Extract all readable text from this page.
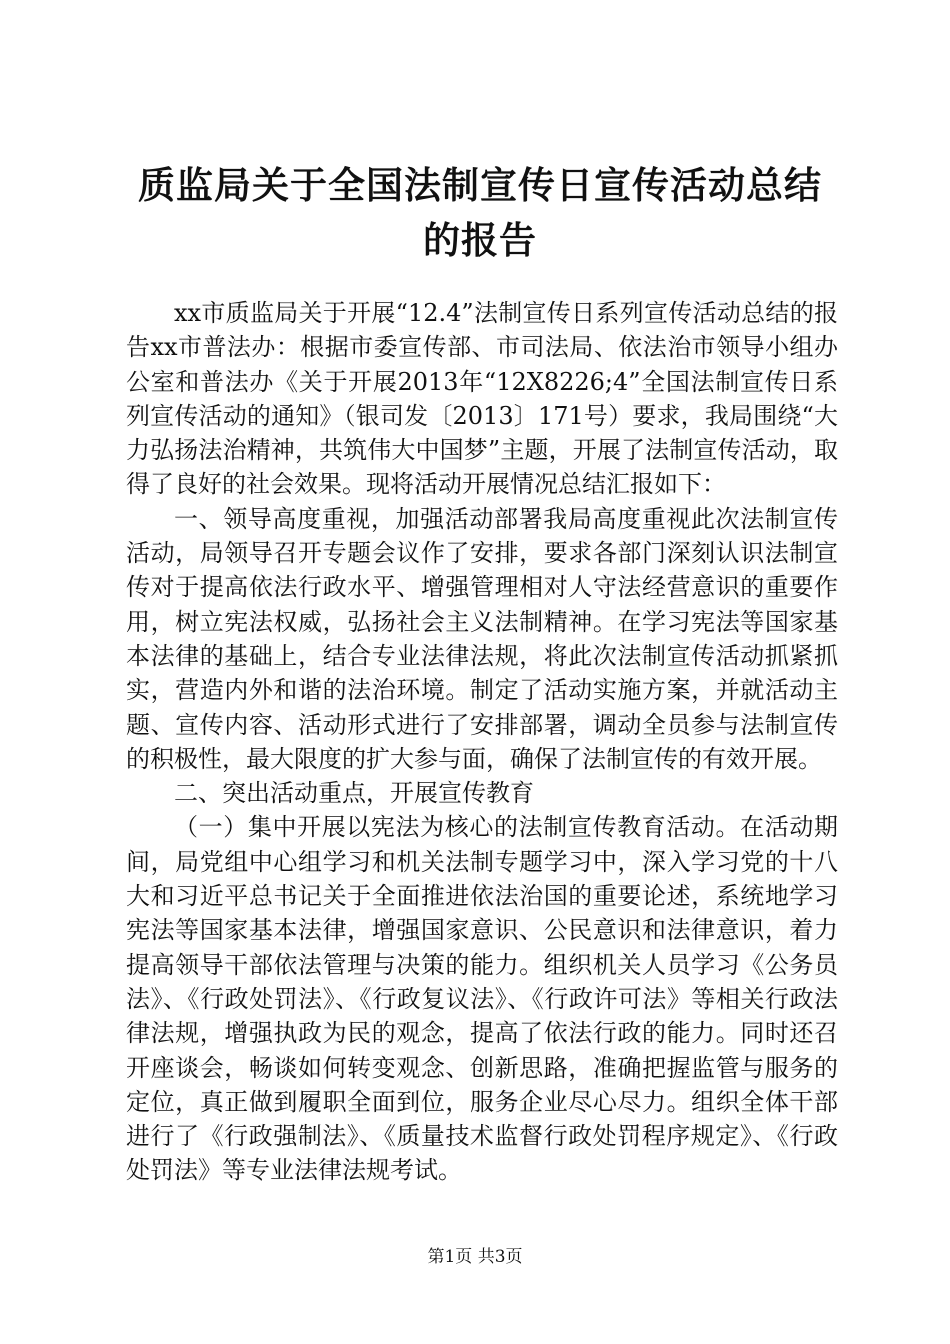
质监局关于全国法制宣传日宣传活动总结的报告

xx市质监局关于开展“12.4”法制宣传日系列宣传活动总结的报告xx市普法办：根据市委宣传部、市司法局、依法治市领导小组办公室和普法办《关于开展2013年“12X8226;4”全国法制宣传日系列宣传活动的通知》（银司发〔2013〕171号）要求，我局围绕“大力弘扬法治精神，共筑伟大中国梦”主题，开展了法制宣传活动，取得了良好的社会效果。现将活动开展情况总结汇报如下：

一、领导高度重视，加强活动部署我局高度重视此次法制宣传活动，局领导召开专题会议作了安排，要求各部门深刻认识法制宣传对于提高依法行政水平、增强管理相对人守法经营意识的重要作用，树立宪法权威，弘扬社会主义法制精神。在学习宪法等国家基本法律的基础上，结合专业法律法规，将此次法制宣传活动抓紧抓实，营造内外和谐的法治环境。制定了活动实施方案，并就活动主题、宣传内容、活动形式进行了安排部署，调动全员参与法制宣传的积极性，最大限度的扩大参与面，确保了法制宣传的有效开展。

二、突出活动重点，开展宣传教育

（一）集中开展以宪法为核心的法制宣传教育活动。在活动期间，局党组中心组学习和机关法制专题学习中，深入学习党的十八大和习近平总书记关于全面推进依法治国的重要论述，系统地学习宪法等国家基本法律，增强国家意识、公民意识和法律意识，着力提高领导干部依法管理与决策的能力。组织机关人员学习《公务员法》、《行政处罚法》、《行政复议法》、《行政许可法》等相关行政法律法规，增强执政为民的观念，提高了依法行政的能力。同时还召开座谈会，畅谈如何转变观念、创新思路，准确把握监管与服务的定位，真正做到履职全面到位，服务企业尽心尽力。组织全体干部进行了《行政强制法》、《质量技术监督行政处罚程序规定》、《行政处罚法》等专业法律法规考试。

第1页 共3页
